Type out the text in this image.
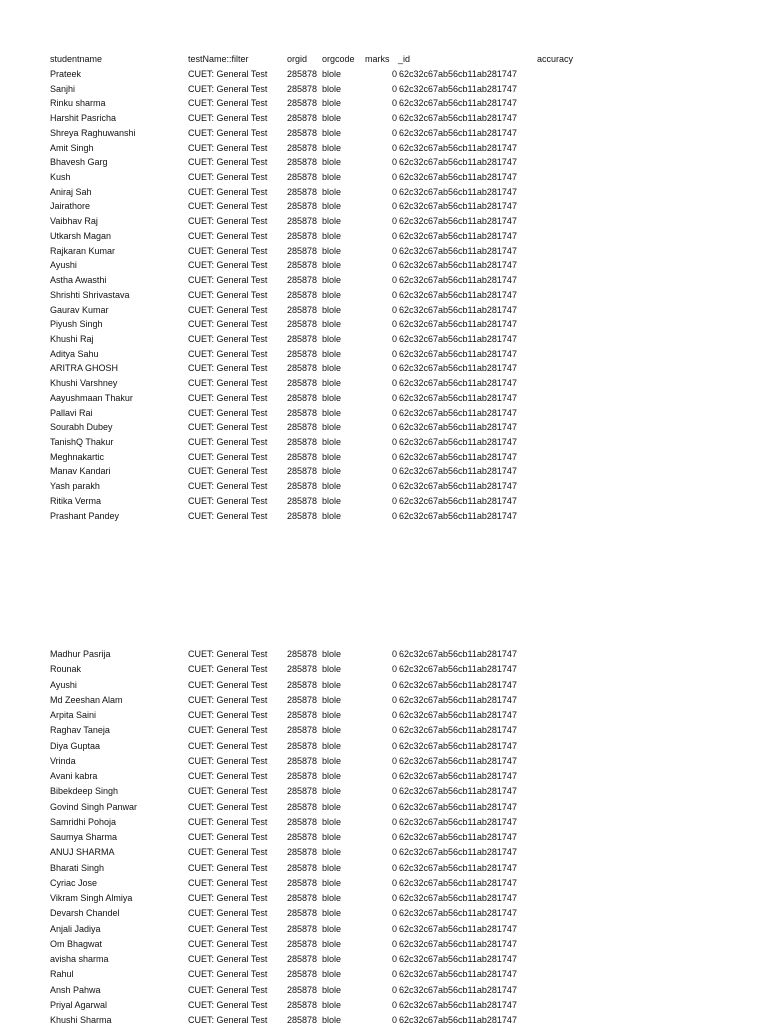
studentname	testName::filter	orgid orgcode marks _id	accuracy
Prateek	CUET: General Test 285878 blole	0 62c32c67ab56cb11ab281747
Sanjhi	CUET: General Test 285878 blole	0 62c32c67ab56cb11ab281747
Rinku sharma	CUET: General Test 285878 blole	0 62c32c67ab56cb11ab281747
Harshit Pasricha	CUET: General Test 285878 blole	0 62c32c67ab56cb11ab281747
Shreya Raghuwanshi	CUET: General Test 285878 blole	0 62c32c67ab56cb11ab281747
Amit Singh	CUET: General Test 285878 blole	0 62c32c67ab56cb11ab281747
Bhavesh Garg	CUET: General Test 285878 blole	0 62c32c67ab56cb11ab281747
Kush	CUET: General Test 285878 blole	0 62c32c67ab56cb11ab281747
Aniraj Sah	CUET: General Test 285878 blole	0 62c32c67ab56cb11ab281747
Jairathore	CUET: General Test 285878 blole	0 62c32c67ab56cb11ab281747
Vaibhav Raj	CUET: General Test 285878 blole	0 62c32c67ab56cb11ab281747
Utkarsh Magan	CUET: General Test 285878 blole	0 62c32c67ab56cb11ab281747
Rajkaran Kumar	CUET: General Test 285878 blole	0 62c32c67ab56cb11ab281747
Ayushi	CUET: General Test 285878 blole	0 62c32c67ab56cb11ab281747
Astha Awasthi	CUET: General Test 285878 blole	0 62c32c67ab56cb11ab281747
Shrishti Shrivastava	CUET: General Test 285878 blole	0 62c32c67ab56cb11ab281747
Gaurav Kumar	CUET: General Test 285878 blole	0 62c32c67ab56cb11ab281747
Piyush Singh	CUET: General Test 285878 blole	0 62c32c67ab56cb11ab281747
Khushi Raj	CUET: General Test 285878 blole	0 62c32c67ab56cb11ab281747
Aditya Sahu	CUET: General Test 285878 blole	0 62c32c67ab56cb11ab281747
ARITRA GHOSH	CUET: General Test 285878 blole	0 62c32c67ab56cb11ab281747
Khushi Varshney	CUET: General Test 285878 blole	0 62c32c67ab56cb11ab281747
Aayushmaan Thakur	CUET: General Test 285878 blole	0 62c32c67ab56cb11ab281747
Pallavi Rai	CUET: General Test 285878 blole	0 62c32c67ab56cb11ab281747
Sourabh Dubey	CUET: General Test 285878 blole	0 62c32c67ab56cb11ab281747
TanishQ Thakur	CUET: General Test 285878 blole	0 62c32c67ab56cb11ab281747
Meghnakartic	CUET: General Test 285878 blole	0 62c32c67ab56cb11ab281747
Manav Kandari	CUET: General Test 285878 blole	0 62c32c67ab56cb11ab281747
Yash parakh	CUET: General Test 285878 blole	0 62c32c67ab56cb11ab281747
Ritika Verma	CUET: General Test 285878 blole	0 62c32c67ab56cb11ab281747
Prashant Pandey	CUET: General Test 285878 blole	0 62c32c67ab56cb11ab281747
Madhur Pasrija	CUET: General Test 285878 blole	0 62c32c67ab56cb11ab281747
Rounak	CUET: General Test 285878 blole	0 62c32c67ab56cb11ab281747
Ayushi	CUET: General Test 285878 blole	0 62c32c67ab56cb11ab281747
Md Zeeshan Alam	CUET: General Test 285878 blole	0 62c32c67ab56cb11ab281747
Arpita Saini	CUET: General Test 285878 blole	0 62c32c67ab56cb11ab281747
Raghav Taneja	CUET: General Test 285878 blole	0 62c32c67ab56cb11ab281747
Diya Guptaa	CUET: General Test 285878 blole	0 62c32c67ab56cb11ab281747
Vrinda	CUET: General Test 285878 blole	0 62c32c67ab56cb11ab281747
Avani kabra	CUET: General Test 285878 blole	0 62c32c67ab56cb11ab281747
Bibekdeep Singh	CUET: General Test 285878 blole	0 62c32c67ab56cb11ab281747
Govind Singh Panwar	CUET: General Test 285878 blole	0 62c32c67ab56cb11ab281747
Samridhi Pohoja	CUET: General Test 285878 blole	0 62c32c67ab56cb11ab281747
Saumya Sharma	CUET: General Test 285878 blole	0 62c32c67ab56cb11ab281747
ANUJ SHARMA	CUET: General Test 285878 blole	0 62c32c67ab56cb11ab281747
Bharati Singh	CUET: General Test 285878 blole	0 62c32c67ab56cb11ab281747
Cyriac Jose	CUET: General Test 285878 blole	0 62c32c67ab56cb11ab281747
Vikram Singh Almiya	CUET: General Test 285878 blole	0 62c32c67ab56cb11ab281747
Devarsh Chandel	CUET: General Test 285878 blole	0 62c32c67ab56cb11ab281747
Anjali Jadiya	CUET: General Test 285878 blole	0 62c32c67ab56cb11ab281747
Om Bhagwat	CUET: General Test 285878 blole	0 62c32c67ab56cb11ab281747
avisha sharma	CUET: General Test 285878 blole	0 62c32c67ab56cb11ab281747
Rahul	CUET: General Test 285878 blole	0 62c32c67ab56cb11ab281747
Ansh Pahwa	CUET: General Test 285878 blole	0 62c32c67ab56cb11ab281747
Priyal Agarwal	CUET: General Test 285878 blole	0 62c32c67ab56cb11ab281747
Khushi Sharma	CUET: General Test 285878 blole	0 62c32c67ab56cb11ab281747
